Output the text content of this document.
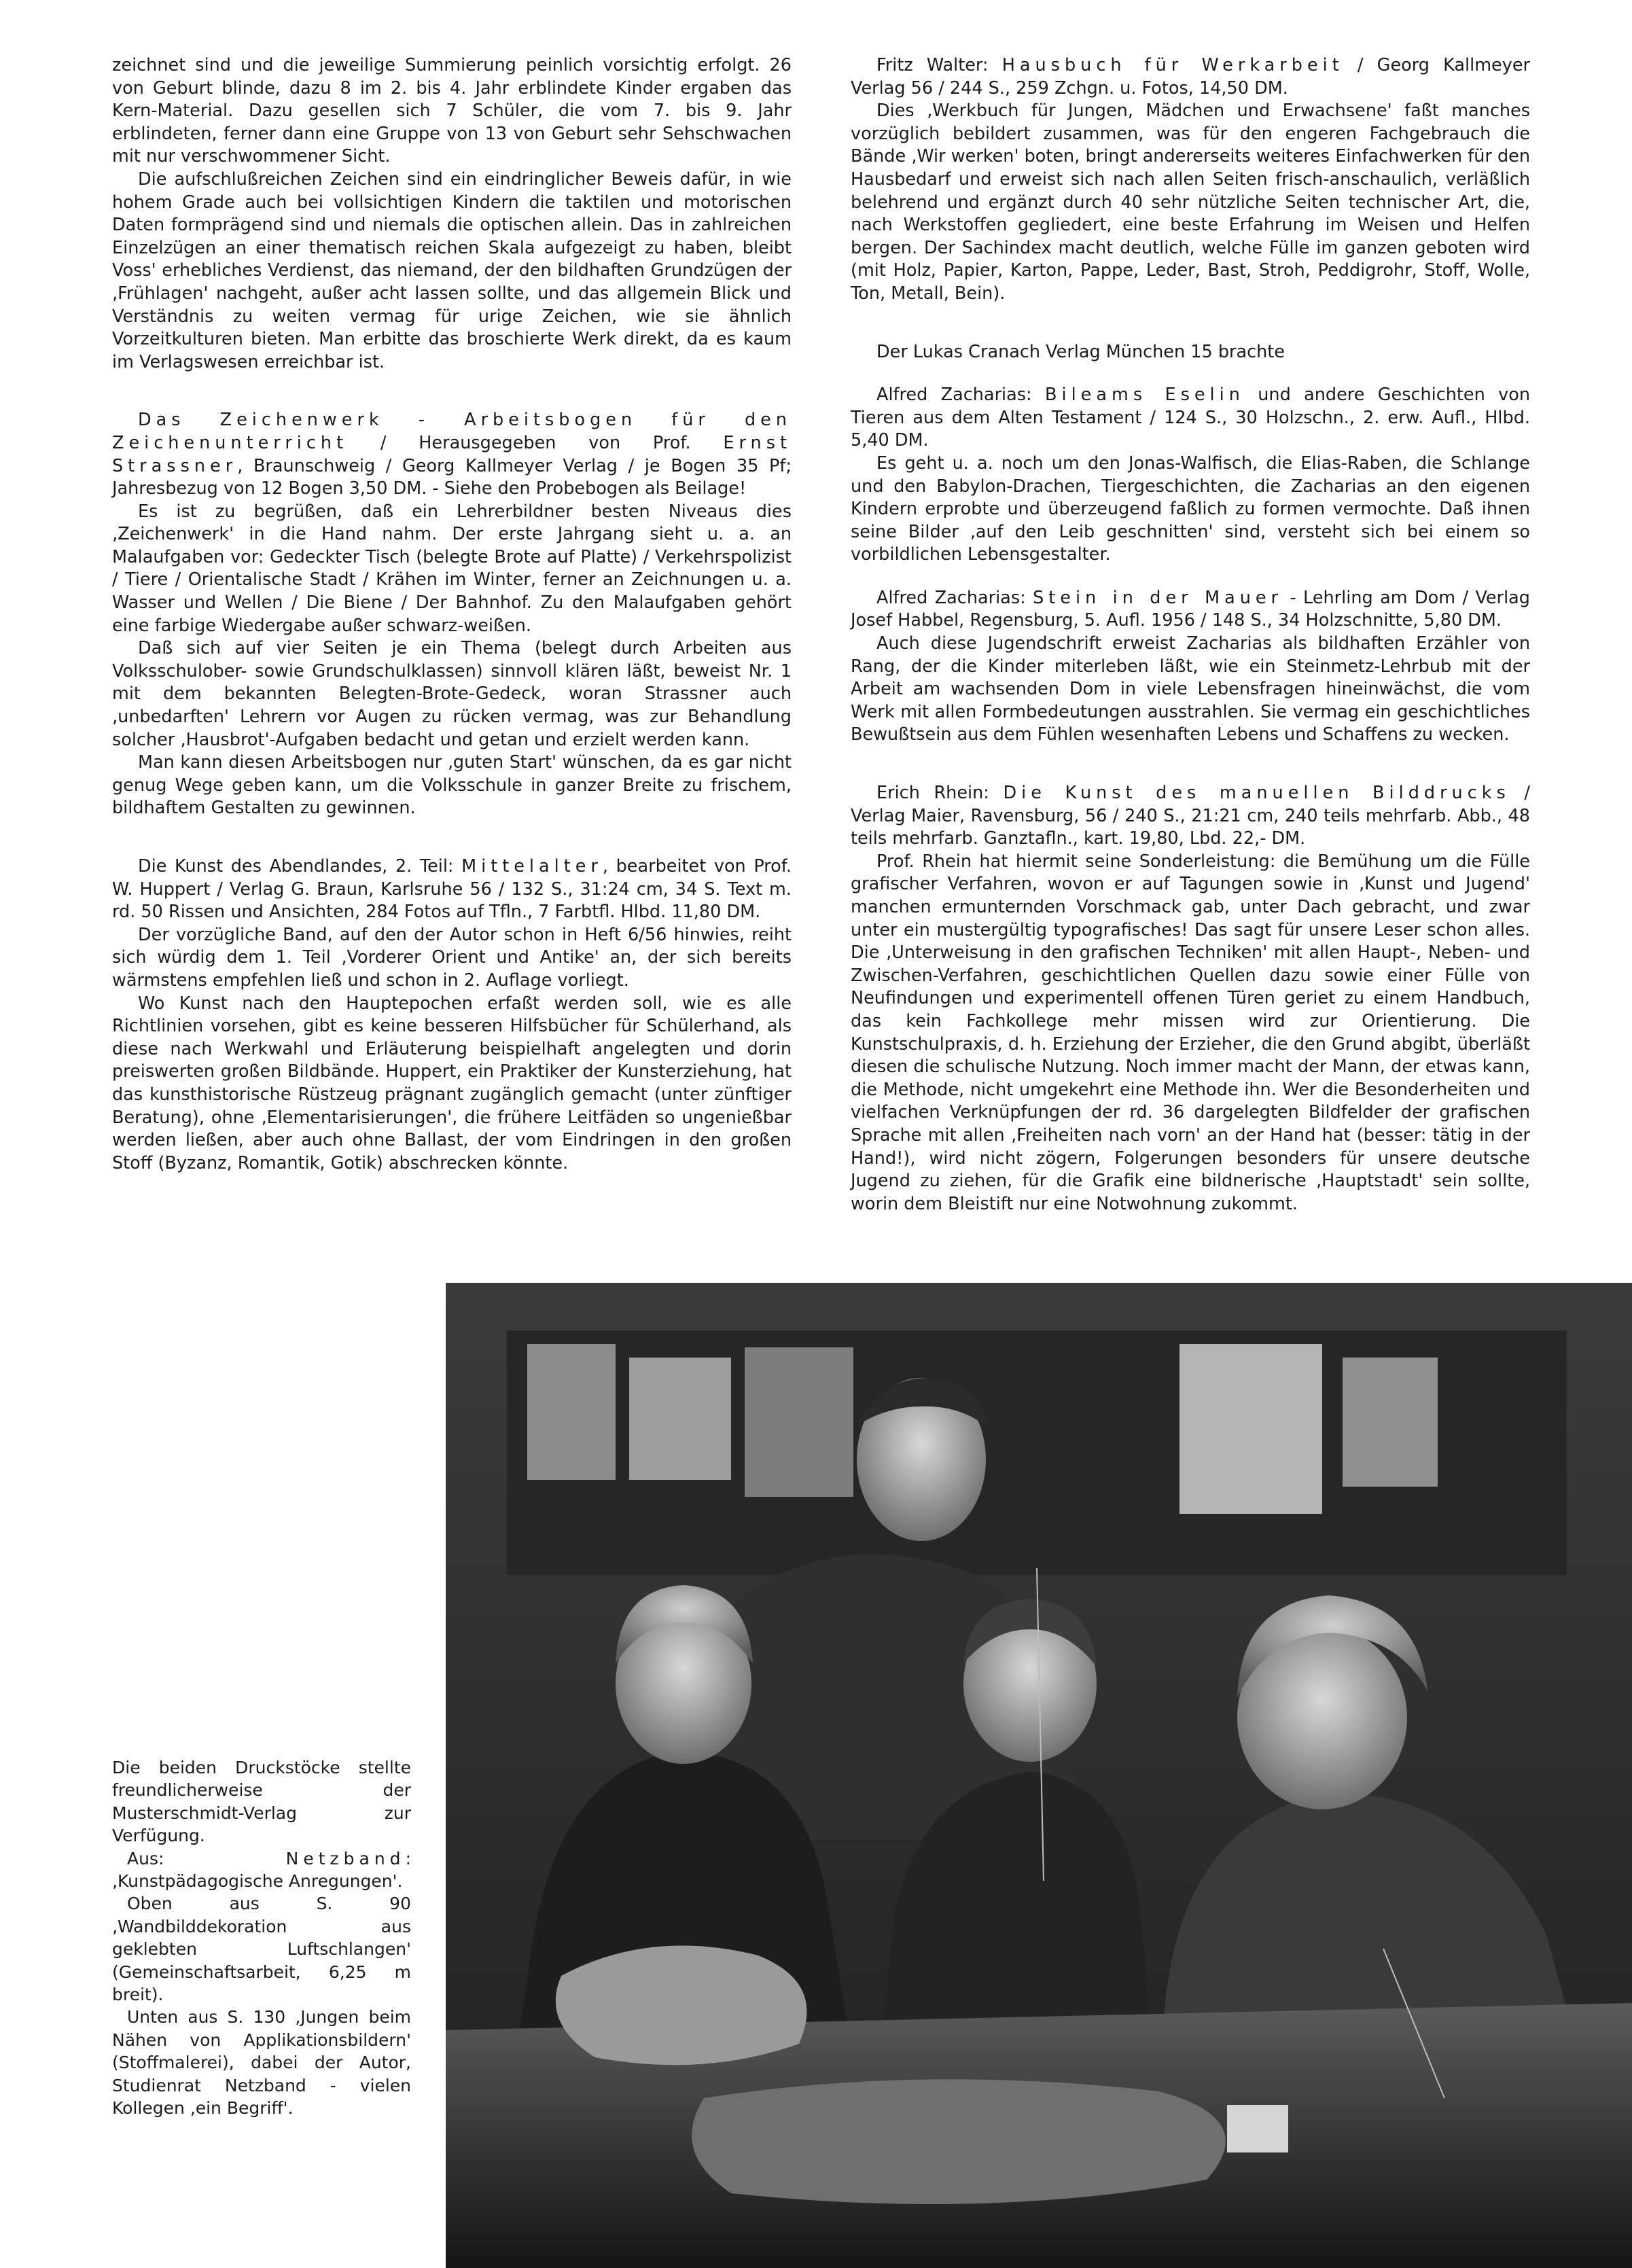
zeichnet sind und die jeweilige Summierung peinlich vorsichtig erfolgt. 26 von Geburt blinde, dazu 8 im 2. bis 4. Jahr erblindete Kinder ergaben das Kern-Material. Dazu gesellen sich 7 Schüler, die vom 7. bis 9. Jahr erblindeten, ferner dann eine Gruppe von 13 von Geburt sehr Sehschwachen mit nur verschwommener Sicht.

Die aufschlußreichen Zeichen sind ein eindringlicher Beweis dafür, in wie hohem Grade auch bei vollsichtigen Kindern die taktilen und motorischen Daten formprägend sind und niemals die optischen allein. Das in zahlreichen Einzelzügen an einer thematisch reichen Skala aufgezeigt zu haben, bleibt Voss' erhebliches Verdienst, das niemand, der den bildhaften Grundzügen der ‚Frühlagen' nachgeht, außer acht lassen sollte, und das allgemein Blick und Verständnis zu weiten vermag für urige Zeichen, wie sie ähnlich Vorzeitkulturen bieten. Man erbitte das broschierte Werk direkt, da es kaum im Verlagswesen erreichbar ist.

Das Zeichenwerk - Arbeitsbogen für den Zeichenunterricht / Herausgegeben von Prof. Ernst Strassner, Braunschweig / Georg Kallmeyer Verlag / je Bogen 35 Pf; Jahresbezug von 12 Bogen 3,50 DM. - Siehe den Probebogen als Beilage!

Es ist zu begrüßen, daß ein Lehrerbildner besten Niveaus dies ‚Zeichenwerk' in die Hand nahm. Der erste Jahrgang sieht u. a. an Malaufgaben vor: Gedeckter Tisch (belegte Brote auf Platte) / Verkehrspolizist / Tiere / Orientalische Stadt / Krähen im Winter, ferner an Zeichnungen u. a. Wasser und Wellen / Die Biene / Der Bahnhof. Zu den Malaufgaben gehört eine farbige Wiedergabe außer schwarz-weißen.

Daß sich auf vier Seiten je ein Thema (belegt durch Arbeiten aus Volksschulober- sowie Grundschulklassen) sinnvoll klären läßt, beweist Nr. 1 mit dem bekannten Belegten-Brote-Gedeck, woran Strassner auch ‚unbedarften' Lehrern vor Augen zu rücken vermag, was zur Behandlung solcher ‚Hausbrot'-Aufgaben bedacht und getan und erzielt werden kann.

Man kann diesen Arbeitsbogen nur ‚guten Start' wünschen, da es gar nicht genug Wege geben kann, um die Volksschule in ganzer Breite zu frischem, bildhaftem Gestalten zu gewinnen.

Die Kunst des Abendlandes, 2. Teil: Mittelalter, bearbeitet von Prof. W. Huppert / Verlag G. Braun, Karlsruhe 56 / 132 S., 31:24 cm, 34 S. Text m. rd. 50 Rissen und Ansichten, 284 Fotos auf Tfln., 7 Farbtfl. Hlbd. 11,80 DM.

Der vorzügliche Band, auf den der Autor schon in Heft 6/56 hinwies, reiht sich würdig dem 1. Teil ‚Vorderer Orient und Antike' an, der sich bereits wärmstens empfehlen ließ und schon in 2. Auflage vorliegt.

Wo Kunst nach den Hauptepochen erfaßt werden soll, wie es alle Richtlinien vorsehen, gibt es keine besseren Hilfsbücher für Schülerhand, als diese nach Werkwahl und Erläuterung beispielhaft angelegten und dorin preiswerten großen Bildbände. Huppert, ein Praktiker der Kunsterziehung, hat das kunsthistorische Rüstzeug prägnant zugänglich gemacht (unter zünftiger Beratung), ohne ‚Elementarisierungen', die frühere Leitfäden so ungenießbar werden ließen, aber auch ohne Ballast, der vom Eindringen in den großen Stoff (Byzanz, Romantik, Gotik) abschrecken könnte.

Fritz Walter: Hausbuch für Werkarbeit / Georg Kallmeyer Verlag 56 / 244 S., 259 Zchgn. u. Fotos, 14,50 DM.

Dies ‚Werkbuch für Jungen, Mädchen und Erwachsene' faßt manches vorzüglich bebildert zusammen, was für den engeren Fachgebrauch die Bände ‚Wir werken' boten, bringt andererseits weiteres Einfachwerken für den Hausbedarf und erweist sich nach allen Seiten frisch-anschaulich, verläßlich belehrend und ergänzt durch 40 sehr nützliche Seiten technischer Art, die, nach Werkstoffen gegliedert, eine beste Erfahrung im Weisen und Helfen bergen. Der Sachindex macht deutlich, welche Fülle im ganzen geboten wird (mit Holz, Papier, Karton, Pappe, Leder, Bast, Stroh, Peddigrohr, Stoff, Wolle, Ton, Metall, Bein).

Der Lukas Cranach Verlag München 15 brachte

Alfred Zacharias: Bileams Eselin und andere Geschichten von Tieren aus dem Alten Testament / 124 S., 30 Holzschn., 2. erw. Aufl., Hlbd. 5,40 DM.

Es geht u. a. noch um den Jonas-Walfisch, die Elias-Raben, die Schlange und den Babylon-Drachen, Tiergeschichten, die Zacharias an den eigenen Kindern erprobte und überzeugend faßlich zu formen vermochte. Daß ihnen seine Bilder ‚auf den Leib geschnitten' sind, versteht sich bei einem so vorbildlichen Lebensgestalter.

Alfred Zacharias: Stein in der Mauer - Lehrling am Dom / Verlag Josef Habbel, Regensburg, 5. Aufl. 1956 / 148 S., 34 Holzschnitte, 5,80 DM.

Auch diese Jugendschrift erweist Zacharias als bildhaften Erzähler von Rang, der die Kinder miterleben läßt, wie ein Steinmetz-Lehrbub mit der Arbeit am wachsenden Dom in viele Lebensfragen hineinwächst, die vom Werk mit allen Formbedeutungen ausstrahlen. Sie vermag ein geschichtliches Bewußtsein aus dem Fühlen wesenhaften Lebens und Schaffens zu wecken.

Erich Rhein: Die Kunst des manuellen Bilddrucks / Verlag Maier, Ravensburg, 56 / 240 S., 21:21 cm, 240 teils mehrfarb. Abb., 48 teils mehrfarb. Ganztafln., kart. 19,80, Lbd. 22,- DM.

Prof. Rhein hat hiermit seine Sonderleistung: die Bemühung um die Fülle grafischer Verfahren, wovon er auf Tagungen sowie in ‚Kunst und Jugend' manchen ermunternden Vorschmack gab, unter Dach gebracht, und zwar unter ein mustergültig typografisches! Das sagt für unsere Leser schon alles. Die ‚Unterweisung in den grafischen Techniken' mit allen Haupt-, Neben- und Zwischen-Verfahren, geschichtlichen Quellen dazu sowie einer Fülle von Neufindungen und experimentell offenen Türen geriet zu einem Handbuch, das kein Fachkollege mehr missen wird zur Orientierung. Die Kunstschulpraxis, d. h. Erziehung der Erzieher, die den Grund abgibt, überläßt diesen die schulische Nutzung. Noch immer macht der Mann, der etwas kann, die Methode, nicht umgekehrt eine Methode ihn. Wer die Besonderheiten und vielfachen Verknüpfungen der rd. 36 dargelegten Bildfelder der grafischen Sprache mit allen ‚Freiheiten nach vorn' an der Hand hat (besser: tätig in der Hand!), wird nicht zögern, Folgerungen besonders für unsere deutsche Jugend zu ziehen, für die Grafik eine bildnerische ‚Hauptstadt' sein sollte, worin dem Bleistift nur eine Notwohnung zukommt.

Die beiden Druckstöcke stellte freundlicherweise der Musterschmidt-Verlag zur Verfügung.

Aus: Netzband: ‚Kunstpädagogische Anregungen'.

Oben aus S. 90 ‚Wandbilddekoration aus geklebten Luftschlangen' (Gemeinschaftsarbeit, 6,25 m breit).

Unten aus S. 130 ‚Jungen beim Nähen von Applikationsbildern' (Stoffmalerei), dabei der Autor, Studienrat Netzband - vielen Kollegen ‚ein Begriff'.
